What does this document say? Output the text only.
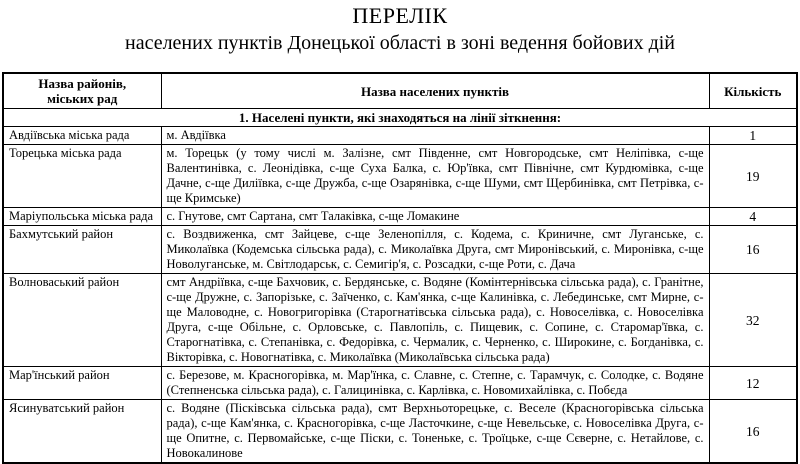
ПЕРЕЛІК
населених пунктів Донецької області в зоні ведення бойових дій
Назва районів,
міських рад	Назва населених пунктів	Кількість
1. Населені пункти, які знаходяться на лінії зіткнення:		
Авдіївська міська рада	м. Авдіївка	1
Торецька міська рада	м. Торецьк (у тому числі м. Залізне, смт Південне, смт Новгородське, смт Неліпівка, с-ще Валентинівка, с. Леонідівка, с-ще Суха Балка, с. Юр'ївка, смт Північне, смт Курдюмівка, с-ще Дачне, с-ще Диліївка, с-ще Дружба, с-ще Озарянівка, с-ще Шуми, смт Щербинівка, смт Петрівка, с-ще Кримське)	19
Маріупольська міська рада	с. Гнутове, смт Сартана, смт Талаківка, с-ще Ломакине	4
Бахмутський район	с. Воздвиженка, смт Зайцеве, с-ще Зеленопілля, с. Кодема, с. Криничне, смт Луганське, с. Миколаївка (Кодемська сільська рада), с. Миколаївка Друга, смт Миронівський, с. Миронівка, с-ще Новолуганське, м. Світлодарськ, с. Семигір'я, с. Розсадки, с-ще Роти, с. Дача	16
Волноваський район	смт Андріївка, с-ще Бахчовик, с. Бердянське, с. Водяне (Комінтернівська сільська рада), с. Гранітне, с-ще Дружне, с. Запорізьке, с. Заїченко, с. Кам'янка, с-ще Калинівка, с. Лебединське, смт Мирне, с-ще Маловодне, с. Новогригорівка (Старогнатівська сільська рада), с. Новоселівка, с. Новоселівка Друга, с-ще Обільне, с. Орловське, с. Павлопіль, с. Пищевик, с. Сопине, с. Старомар'ївка, с. Старогнатівка, с. Степанівка, с. Федорівка, с. Чермалик, с. Черненко, с. Широкине, с. Богданівка, с. Вікторівка, с. Новогнатівка, с. Миколаївка (Миколаївська сільська рада)	32
Мар'їнський район	с. Березове, м. Красногорівка, м. Мар'їнка, с. Славне, с. Степне, с. Тарамчук, с. Солодке, с. Водяне (Степненська сільська рада), с. Галицинівка, с. Карлівка, с. Новомихайлівка, с. Побєда	12
Ясинуватський район	с. Водяне (Пісківська сільська рада), смт Верхньоторецьке, с. Веселе (Красногорівська сільська рада), с-ще Кам'янка, с. Красногорівка, с-ще Ласточкине, с-ще Невельське, с. Новоселівка Друга, с-ще Опитне, с. Первомайське, с-ще Піски, с. Тоненьке, с. Троїцьке, с-ще Сєверне, с. Нетайлове, с. Новокалинове	16
